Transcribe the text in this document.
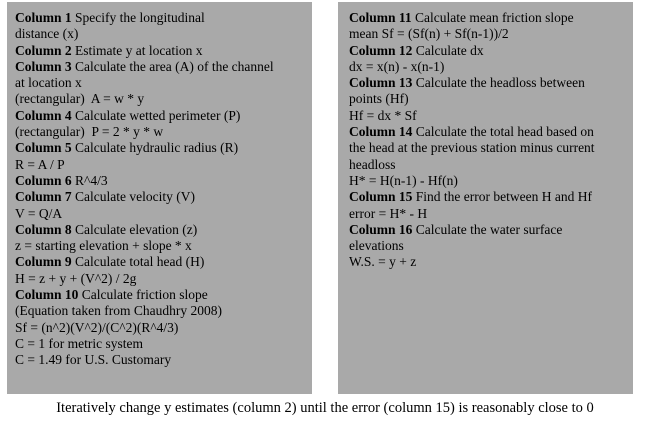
Column 1 Specify the longitudinal
distance (x)
Column 2 Estimate y at location x
Column 3 Calculate the area (A) of the channel
at location x
(rectangular)  A = w * y
Column 4 Calculate wetted perimeter (P)
(rectangular)  P = 2 * y * w
Column 5 Calculate hydraulic radius (R)
R = A / P
Column 6 R^4/3
Column 7 Calculate velocity (V)
V = Q/A
Column 8 Calculate elevation (z)
z = starting elevation + slope * x
Column 9 Calculate total head (H)
H = z + y + (V^2) / 2g
Column 10 Calculate friction slope
(Equation taken from Chaudhry 2008)
Sf = (n^2)(V^2)/(C^2)(R^4/3)
C = 1 for metric system
C = 1.49 for U.S. Customary
Column 11 Calculate mean friction slope
mean Sf = (Sf(n) + Sf(n-1))/2
Column 12 Calculate dx
dx = x(n) - x(n-1)
Column 13 Calculate the headloss between
points (Hf)
Hf = dx * Sf
Column 14 Calculate the total head based on
the head at the previous station minus current
headloss
H* = H(n-1) - Hf(n)
Column 15 Find the error between H and Hf
error = H* - H
Column 16 Calculate the water surface
elevations
W.S. = y + z
Iteratively change y estimates (column 2) until the error (column 15) is reasonably close to 0
